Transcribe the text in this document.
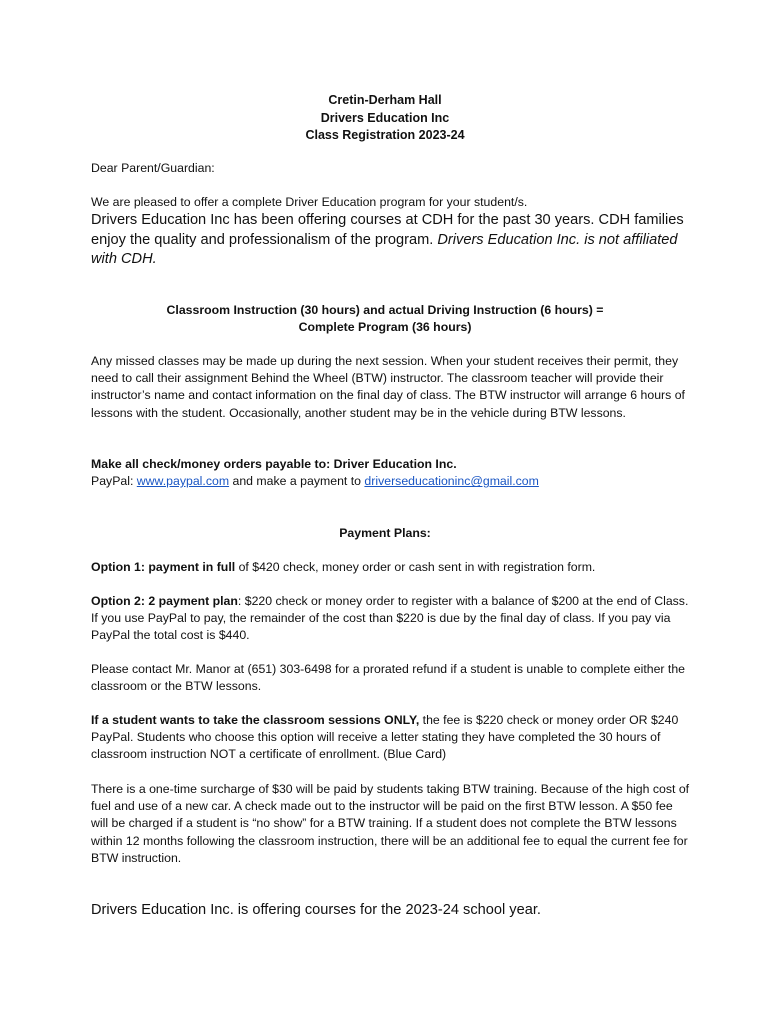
Cretin-Derham Hall
Drivers Education Inc
Class Registration 2023-24
Dear Parent/Guardian:
We are pleased to offer a complete Driver Education program for your student/s.
Drivers Education Inc has been offering courses at CDH for the past 30 years. CDH families enjoy the quality and professionalism of the program. Drivers Education Inc. is not affiliated with CDH.
Classroom Instruction (30 hours) and actual Driving Instruction (6 hours) =
Complete Program (36 hours)
Any missed classes may be made up during the next session. When your student receives their permit, they need to call their assignment Behind the Wheel (BTW) instructor. The classroom teacher will provide their instructor’s name and contact information on the final day of class. The BTW instructor will arrange 6 hours of lessons with the student. Occasionally, another student may be in the vehicle during BTW lessons.
Make all check/money orders payable to: Driver Education Inc.
PayPal: www.paypal.com and make a payment to driverseducationinc@gmail.com
Payment Plans:
Option 1: payment in full of $420 check, money order or cash sent in with registration form.
Option 2: 2 payment plan: $220 check or money order to register with a balance of $200 at the end of Class. If you use PayPal to pay, the remainder of the cost than $220 is due by the final day of class. If you pay via PayPal the total cost is $440.
Please contact Mr. Manor at (651) 303-6498 for a prorated refund if a student is unable to complete either the classroom or the BTW lessons.
If a student wants to take the classroom sessions ONLY, the fee is $220 check or money order OR $240 PayPal. Students who choose this option will receive a letter stating they have completed the 30 hours of classroom instruction NOT a certificate of enrollment. (Blue Card)
There is a one-time surcharge of $30 will be paid by students taking BTW training. Because of the high cost of fuel and use of a new car. A check made out to the instructor will be paid on the first BTW lesson. A $50 fee will be charged if a student is “no show” for a BTW training. If a student does not complete the BTW lessons within 12 months following the classroom instruction, there will be an additional fee to equal the current fee for BTW instruction.
Drivers Education Inc. is offering courses for the 2023-24 school year.
